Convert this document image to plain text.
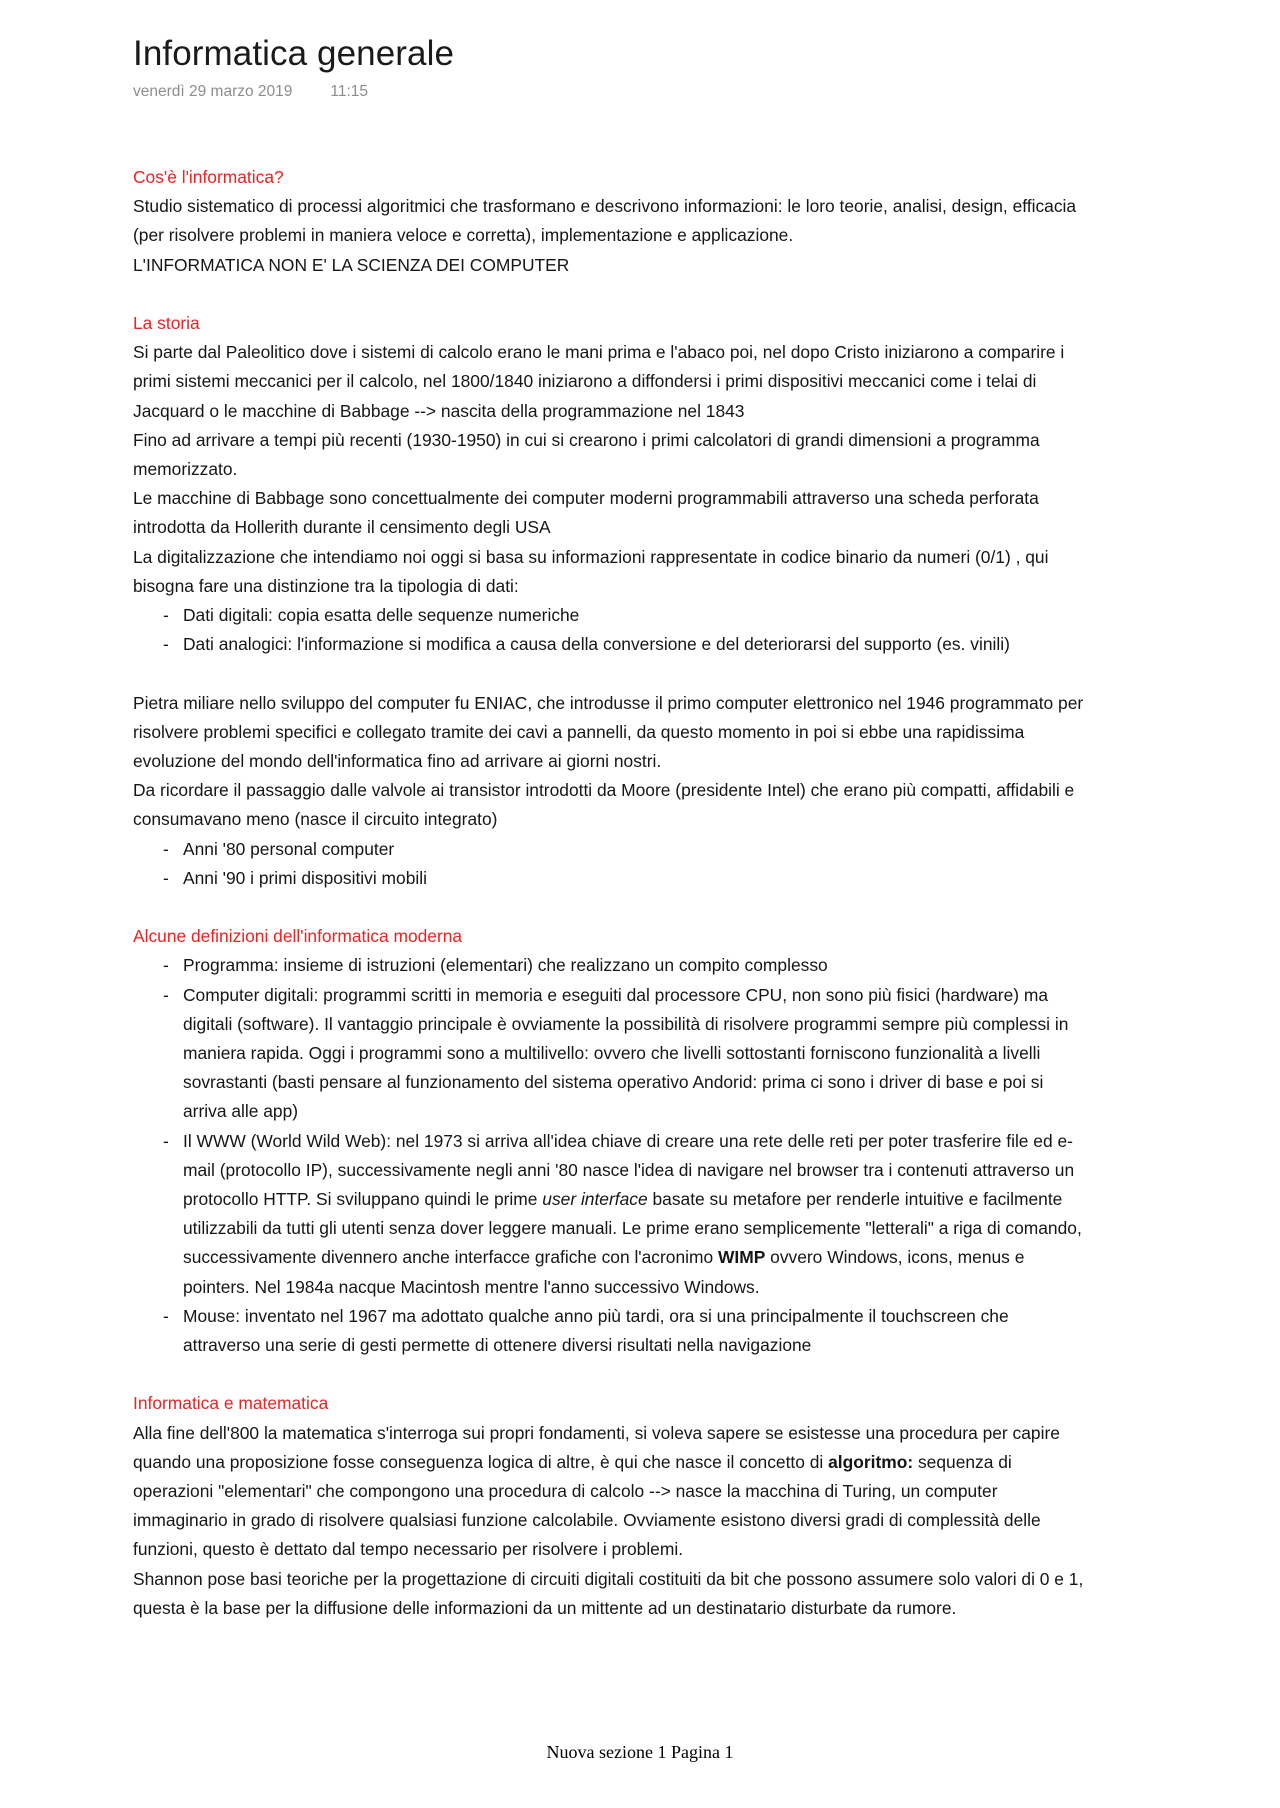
Informatica generale
venerdì 29 marzo 2019 11:15
Cos'è l'informatica?

Studio sistematico di processi algoritmici che trasformano e descrivono informazioni: le loro teorie, analisi, design, efficacia (per risolvere problemi in maniera veloce e corretta), implementazione e applicazione.

L'INFORMATICA NON E' LA SCIENZA DEI COMPUTER

La storia

Si parte dal Paleolitico dove i sistemi di calcolo erano le mani prima e l'abaco poi, nel dopo Cristo iniziarono a comparire i primi sistemi meccanici per il calcolo, nel 1800/1840 iniziarono a diffondersi i primi dispositivi meccanici come i telai di Jacquard o le macchine di Babbage --> nascita della programmazione nel 1843

Fino ad arrivare a tempi più recenti (1930-1950) in cui si crearono i primi calcolatori di grandi dimensioni a programma memorizzato.

Le macchine di Babbage sono concettualmente dei computer moderni programmabili attraverso una scheda perforata introdotta da Hollerith durante il censimento degli USA

La digitalizzazione che intendiamo noi oggi si basa su informazioni rappresentate in codice binario da numeri (0/1) , qui bisogna fare una distinzione tra la tipologia di dati:

- Dati digitali: copia esatta delle sequenze numeriche
- Dati analogici: l'informazione si modifica a causa della conversione e del deteriorarsi del supporto (es. vinili)

Pietra miliare nello sviluppo del computer fu ENIAC, che introdusse il primo computer elettronico nel 1946 programmato per risolvere problemi specifici e collegato tramite dei cavi a pannelli, da questo momento in poi si ebbe una rapidissima evoluzione del mondo dell'informatica fino ad arrivare ai giorni nostri.

Da ricordare il passaggio dalle valvole ai transistor introdotti da Moore (presidente Intel) che erano più compatti, affidabili e consumavano meno (nasce il circuito integrato)

- Anni '80 personal computer
- Anni '90 i primi dispositivi mobili
Alcune definizioni dell'informatica moderna
- Programma: insieme di istruzioni (elementari) che realizzano un compito complesso
- Computer digitali: programmi scritti in memoria e eseguiti dal processore CPU, non sono più fisici (hardware) ma digitali (software). Il vantaggio principale è ovviamente la possibilità di risolvere programmi sempre più complessi in maniera rapida. Oggi i programmi sono a multilivello: ovvero che livelli sottostanti forniscono funzionalità a livelli sovrastanti (basti pensare al funzionamento del sistema operativo Andorid: prima ci sono i driver di base e poi si arriva alle app)
- Il WWW (World Wild Web): nel 1973 si arriva all'idea chiave di creare una rete delle reti per poter trasferire file ed e-mail (protocollo IP), successivamente negli anni '80 nasce l'idea di navigare nel browser tra i contenuti attraverso un protocollo HTTP. Si sviluppano quindi le prime user interface basate su metafore per renderle intuitive e facilmente utilizzabili da tutti gli utenti senza dover leggere manuali. Le prime erano semplicemente "letterali" a riga di comando, successivamente divennero anche interfacce grafiche con l'acronimo WIMP ovvero Windows, icons, menus e pointers. Nel 1984a nacque Macintosh mentre l'anno successivo Windows.
- Mouse: inventato nel 1967 ma adottato qualche anno più tardi, ora si una principalmente il touchscreen che attraverso una serie di gesti permette di ottenere diversi risultati nella navigazione
Informatica e matematica

Alla fine dell'800 la matematica s'interroga sui propri fondamenti, si voleva sapere se esistesse una procedura per capire quando una proposizione fosse conseguenza logica di altre, è qui che nasce il concetto di algoritmo: sequenza di operazioni "elementari" che compongono una procedura di calcolo --> nasce la macchina di Turing, un computer immaginario in grado di risolvere qualsiasi funzione calcolabile. Ovviamente esistono diversi gradi di complessità delle funzioni, questo è dettato dal tempo necessario per risolvere i problemi.

Shannon pose basi teoriche per la progettazione di circuiti digitali costituiti da bit che possono assumere solo valori di 0 e 1, questa è la base per la diffusione delle informazioni da un mittente ad un destinatario disturbate da rumore.

Nuova sezione 1 Pagina 1
